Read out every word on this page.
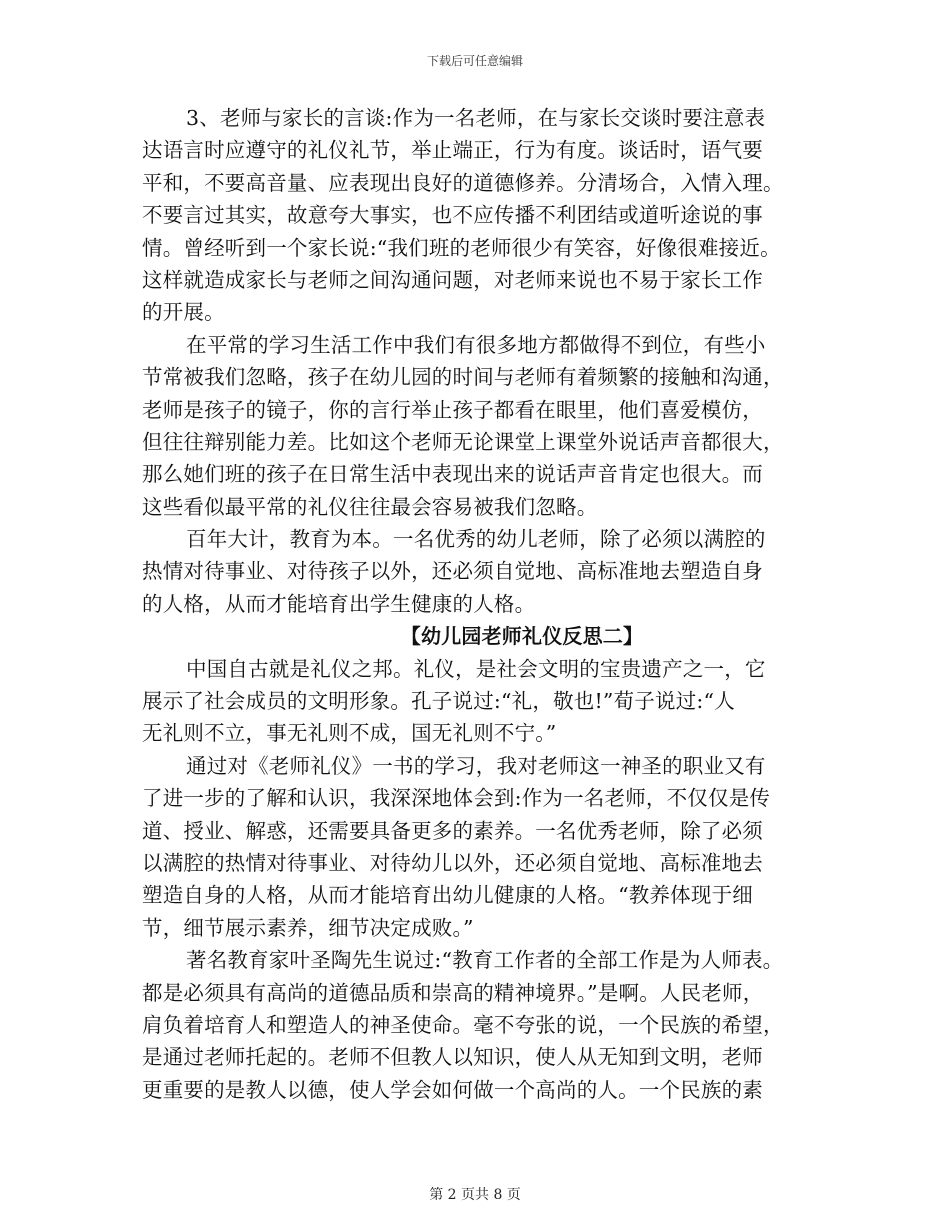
下载后可任意编辑
3、老师与家长的言谈:作为一名老师，在与家长交谈时要注意表
达语言时应遵守的礼仪礼节，举止端正，行为有度。谈话时，语气要
平和，不要高音量、应表现出良好的道德修养。分清场合，入情入理。
不要言过其实，故意夸大事实，也不应传播不利团结或道听途说的事
情。曾经听到一个家长说:“我们班的老师很少有笑容，好像很难接近。
这样就造成家长与老师之间沟通问题，对老师来说也不易于家长工作
的开展。
在平常的学习生活工作中我们有很多地方都做得不到位，有些小
节常被我们忽略，孩子在幼儿园的时间与老师有着频繁的接触和沟通，
老师是孩子的镜子，你的言行举止孩子都看在眼里，他们喜爱模仿，
但往往辩别能力差。比如这个老师无论课堂上课堂外说话声音都很大，
那么她们班的孩子在日常生活中表现出来的说话声音肯定也很大。而
这些看似最平常的礼仪往往最会容易被我们忽略。
百年大计，教育为本。一名优秀的幼儿老师，除了必须以满腔的
热情对待事业、对待孩子以外，还必须自觉地、高标准地去塑造自身
的人格，从而才能培育出学生健康的人格。
【幼儿园老师礼仪反思二】
中国自古就是礼仪之邦。礼仪，是社会文明的宝贵遗产之一，它
展示了社会成员的文明形象。孔子说过:“礼，敬也!”荀子说过:“人
无礼则不立，事无礼则不成，国无礼则不宁。”
通过对《老师礼仪》一书的学习，我对老师这一神圣的职业又有
了进一步的了解和认识，我深深地体会到:作为一名老师，不仅仅是传
道、授业、解惑，还需要具备更多的素养。一名优秀老师，除了必须
以满腔的热情对待事业、对待幼儿以外，还必须自觉地、高标准地去
塑造自身的人格，从而才能培育出幼儿健康的人格。“教养体现于细
节，细节展示素养，细节决定成败。”
著名教育家叶圣陶先生说过:“教育工作者的全部工作是为人师表。
都是必须具有高尚的道德品质和崇高的精神境界。”是啊。人民老师，
肩负着培育人和塑造人的神圣使命。毫不夸张的说，一个民族的希望，
是通过老师托起的。老师不但教人以知识，使人从无知到文明，老师
更重要的是教人以德，使人学会如何做一个高尚的人。一个民族的素
第 2 页共 8 页
